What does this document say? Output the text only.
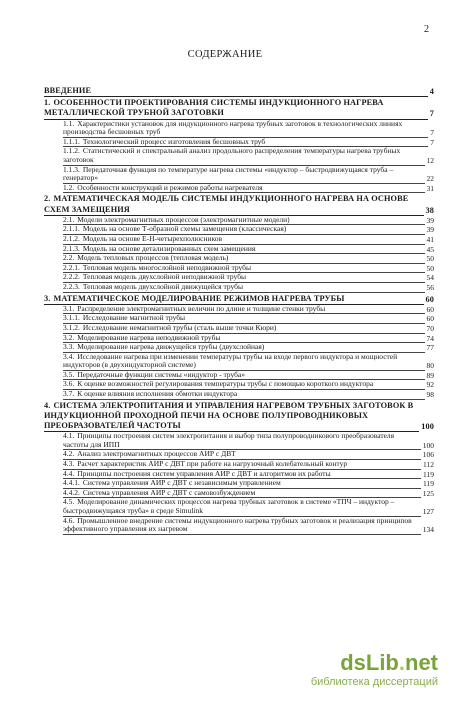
2
СОДЕРЖАНИЕ
ВВЕДЕНИЕ	4
1. ОСОБЕННОСТИ ПРОЕКТИРОВАНИЯ СИСТЕМЫ ИНДУКЦИОННОГО НАГРЕВА МЕТАЛЛИЧЕСКОЙ ТРУБНОЙ ЗАГОТОВКИ	7
1.1. Характеристики установок для индукционного нагрева трубных заготовок в технологических линиях производства бесшовных труб	7
1.1.1. Технологический процесс изготовления бесшовных труб	7
1.1.2. Статистический и спектральный анализ продольного распределения температуры нагрева трубных заготовок	12
1.1.3. Передаточная функция по температуре нагрева системы «индуктор – быстродвижущаяся труба – генератор»	22
1.2. Особенности конструкций и режимов работы нагревателя	31
2. МАТЕМАТИЧЕСКАЯ МОДЕЛЬ СИСТЕМЫ ИНДУКЦИОННОГО НАГРЕВА НА ОСНОВЕ СХЕМ ЗАМЕЩЕНИЯ	38
2.1. Модели электромагнитных процессов (электромагнитные модели)	39
2.1.1. Модель на основе Т-образной схемы замещения (классическая)	39
2.1.2. Модель на основе E-H-четырехполюсников	41
2.1.3. Модель на основе детализированных схем замещения	45
2.2. Модель тепловых процессов (тепловая модель)	50
2.2.1. Тепловая модель многослойной неподвижной трубы	50
2.2.2. Тепловая модель двухслойной неподвижной трубы	54
2.2.3. Тепловая модель двухслойной движущейся трубы	56
3. МАТЕМАТИЧЕСКОЕ МОДЕЛИРОВАНИЕ РЕЖИМОВ НАГРЕВА ТРУБЫ	60
3.1. Распределение электромагнитных величин по длине и толщине стенки трубы	60
3.1.1. Исследование магнитной трубы	60
3.1.2. Исследование немагнитной трубы (сталь выше точки Кюри)	70
3.2. Моделирование нагрева неподвижной трубы	74
3.3. Моделирование нагрева движущейся трубы (двухслойная)	77
3.4. Исследование нагрева при изменении температуры трубы на входе первого индуктора и мощностей индукторов (в двухиндукторной системе)	80
3.5. Передаточные функции системы «индуктор - труба»	89
3.6. К оценке возможностей регулирования температуры трубы с помощью короткого индуктора	92
3.7. К оценке влияния исполнения обмотки индуктора	98
4. СИСТЕМА ЭЛЕКТРОПИТАНИЯ И УПРАВЛЕНИЯ НАГРЕВОМ ТРУБНЫХ ЗАГОТОВОК В ИНДУКЦИОННОЙ ПРОХОДНОЙ ПЕЧИ НА ОСНОВЕ ПОЛУПРОВОДНИКОВЫХ ПРЕОБРАЗОВАТЕЛЕЙ ЧАСТОТЫ	100
4.1. Принципы построения систем электропитания и выбор типа полупроводникового преобразователя частоты для ИПП	100
4.2. Анализ электромагнитных процессов АИР с ДВТ	106
4.3. Расчет характеристик АИР с ДВТ при работе на нагрузочный колебательный контур	112
4.4. Принципы построения систем управления АИР с ДВТ и алгоритмов их работы	119
4.4.1. Система управления АИР с ДВТ с независимым управлением	119
4.4.2. Система управления АИР с ДВТ с самовозбуждением	125
4.5. Моделирование динамических процессов нагрева трубных заготовок в системе «ТПЧ – индуктор – быстродвижущаяся труба» в среде Simulink	127
4.6. Промышленное внедрение системы индукционного нагрева трубных заготовок и реализация принципов эффективного управления их нагревом	134
dsLib.net
библиотека диссертаций
